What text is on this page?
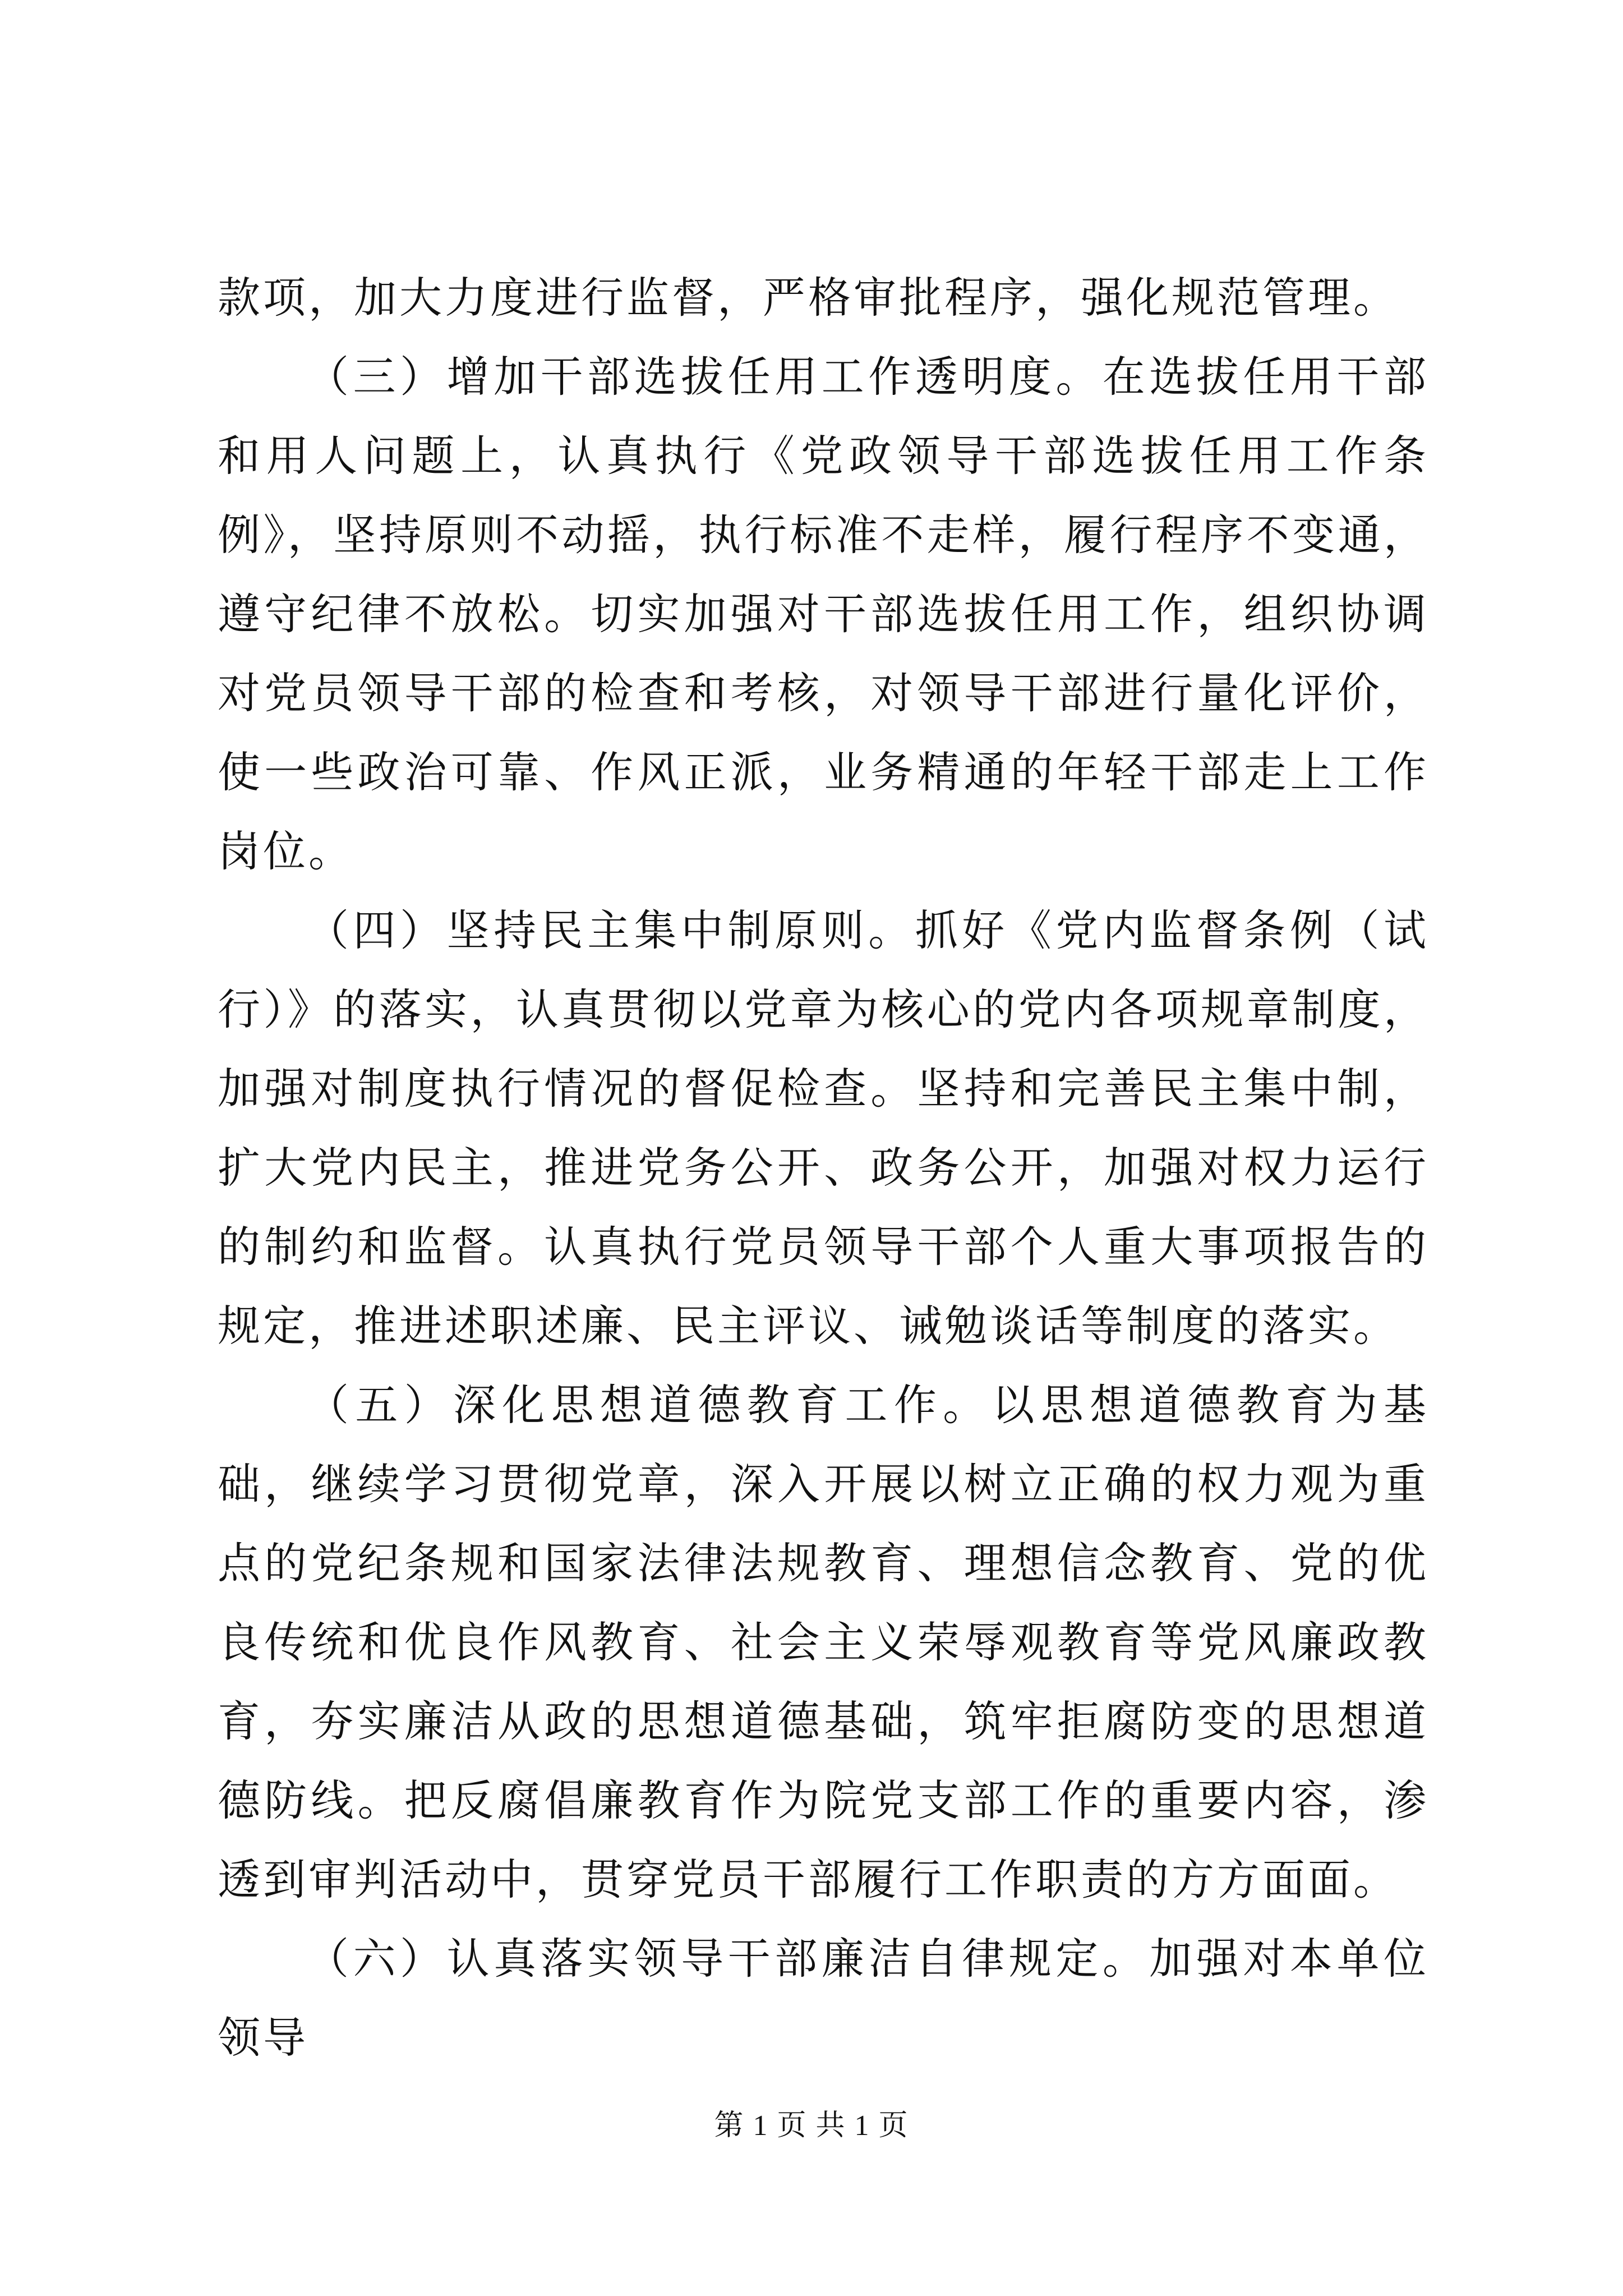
款项，加大力度进行监督，严格审批程序，强化规范管理。

（三）增加干部选拔任用工作透明度。在选拔任用干部和用人问题上，认真执行《党政领导干部选拔任用工作条例》，坚持原则不动摇，执行标准不走样，履行程序不变通，遵守纪律不放松。切实加强对干部选拔任用工作，组织协调对党员领导干部的检查和考核，对领导干部进行量化评价，使一些政治可靠、作风正派，业务精通的年轻干部走上工作岗位。

（四）坚持民主集中制原则。抓好《党内监督条例（试行）》的落实，认真贯彻以党章为核心的党内各项规章制度，加强对制度执行情况的督促检查。坚持和完善民主集中制，扩大党内民主，推进党务公开、政务公开，加强对权力运行的制约和监督。认真执行党员领导干部个人重大事项报告的规定，推进述职述廉、民主评议、诫勉谈话等制度的落实。

（五）深化思想道德教育工作。以思想道德教育为基础，继续学习贯彻党章，深入开展以树立正确的权力观为重点的党纪条规和国家法律法规教育、理想信念教育、党的优良传统和优良作风教育、社会主义荣辱观教育等党风廉政教育，夯实廉洁从政的思想道德基础，筑牢拒腐防变的思想道德防线。把反腐倡廉教育作为院党支部工作的重要内容，渗透到审判活动中，贯穿党员干部履行工作职责的方方面面。

（六）认真落实领导干部廉洁自律规定。加强对本单位领导

第 1 页 共 1 页
